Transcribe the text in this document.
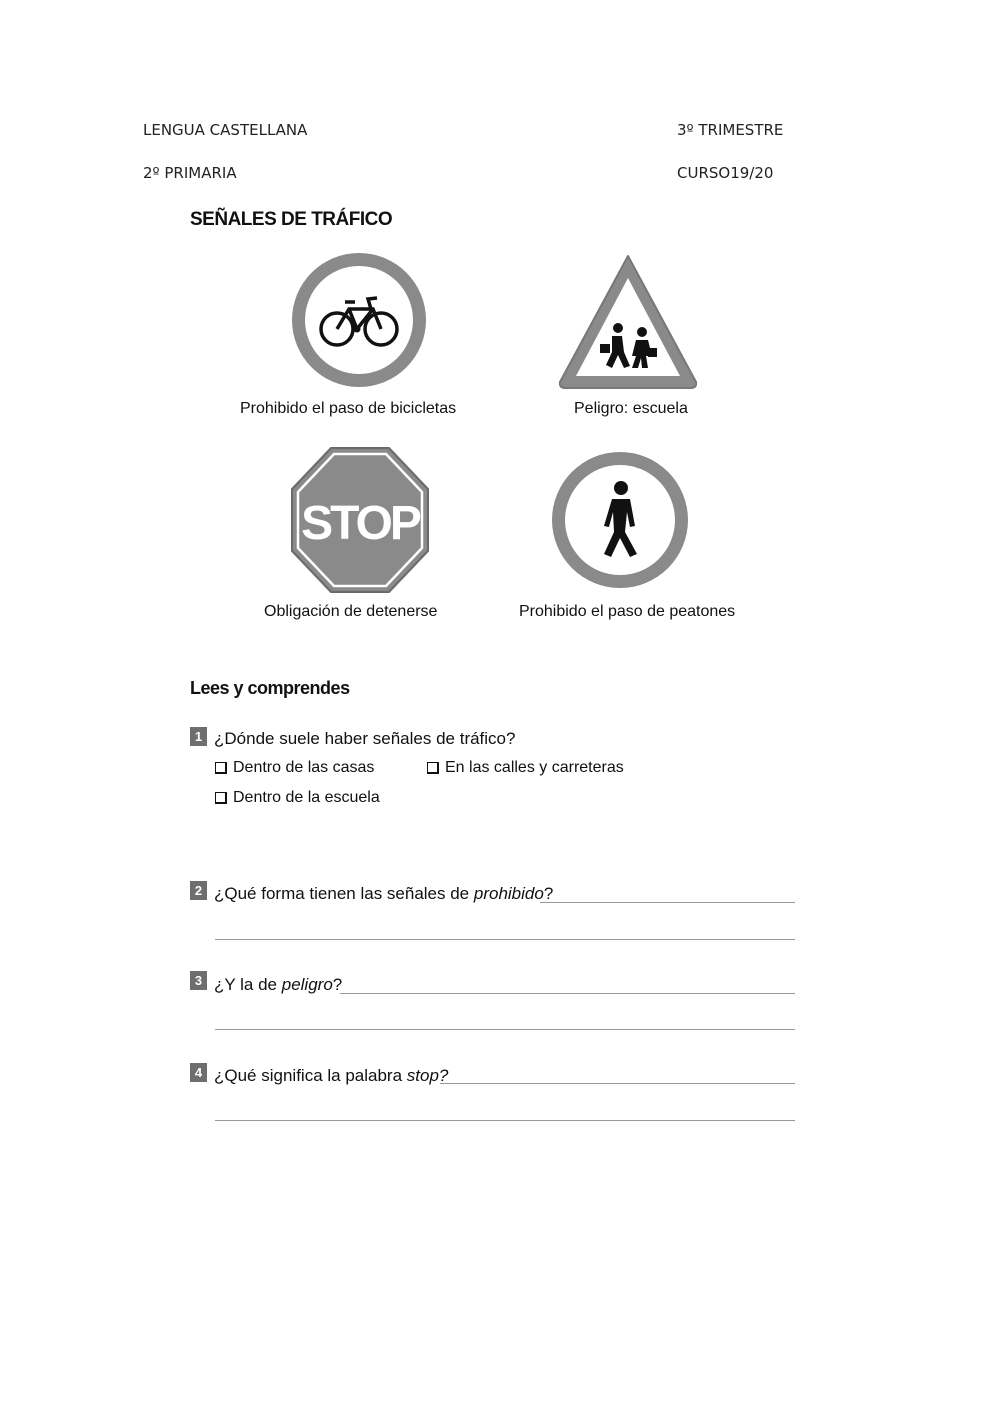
LENGUA CASTELLANA	3º TRIMESTRE
2º PRIMARIA	CURSO19/20
SEÑALES DE TRÁFICO
Prohibido el paso de bicicletas	Peligro: escuela
STOP
Obligación de detenerse	Prohibido el paso de peatones
Lees y comprendes
1 ¿Dónde suele haber señales de tráfico?
Dentro de las casas	En las calles y carreteras
Dentro de la escuela
2 ¿Qué forma tienen las señales de prohibido?
3 ¿Y la de peligro?
4 ¿Qué significa la palabra stop?
